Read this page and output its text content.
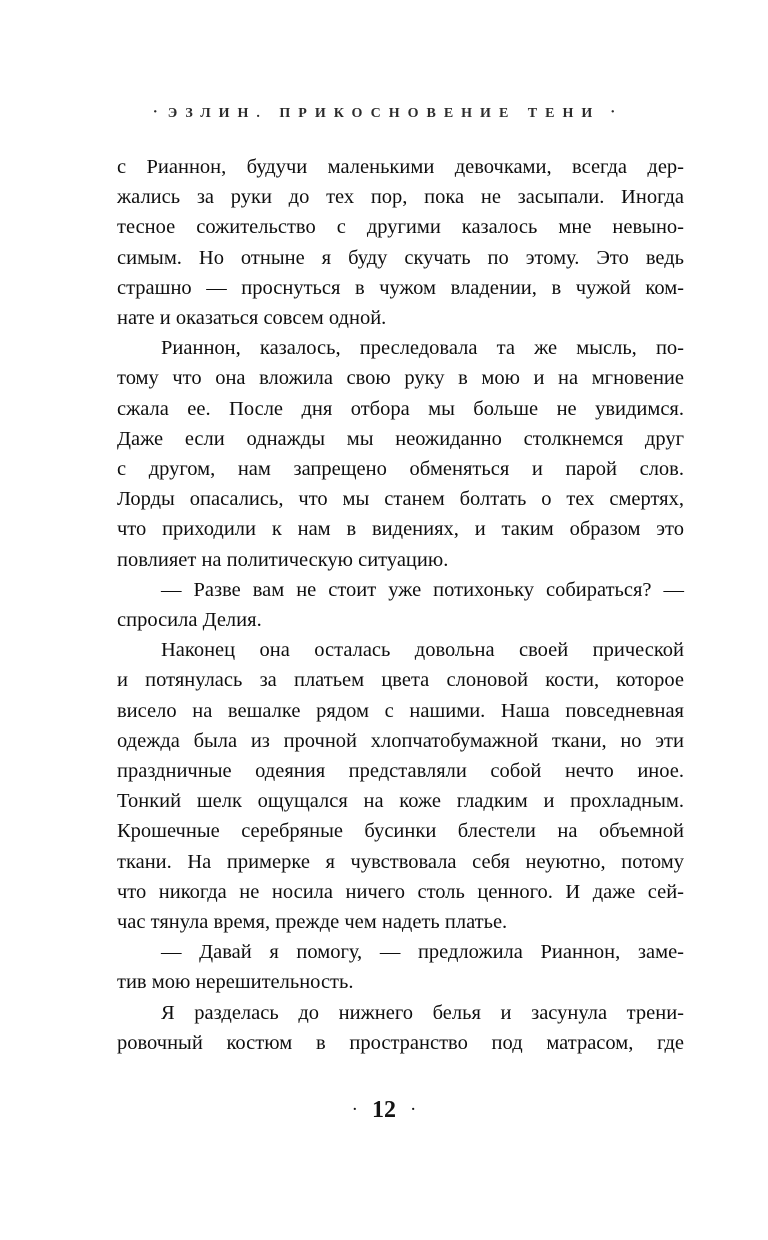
· ЭЗЛИН. ПРИКОСНОВЕНИЕ ТЕНИ ·
с Рианнон, будучи маленькими девочками, всегда дер-
жались за руки до тех пор, пока не засыпали. Иногда
тесное сожительство с другими казалось мне невыно-
симым. Но отныне я буду скучать по этому. Это ведь
страшно — проснуться в чужом владении, в чужой ком-
нате и оказаться совсем одной.
Рианнон, казалось, преследовала та же мысль, по-
тому что она вложила свою руку в мою и на мгновение
сжала ее. После дня отбора мы больше не увидимся.
Даже если однажды мы неожиданно столкнемся друг
с другом, нам запрещено обменяться и парой слов.
Лорды опасались, что мы станем болтать о тех смертях,
что приходили к нам в видениях, и таким образом это
повлияет на политическую ситуацию.
— Разве вам не стоит уже потихоньку собираться? —
спросила Делия.
Наконец она осталась довольна своей прической
и потянулась за платьем цвета слоновой кости, которое
висело на вешалке рядом с нашими. Наша повседневная
одежда была из прочной хлопчатобумажной ткани, но эти
праздничные одеяния представляли собой нечто иное.
Тонкий шелк ощущался на коже гладким и прохладным.
Крошечные серебряные бусинки блестели на объемной
ткани. На примерке я чувствовала себя неуютно, потому
что никогда не носила ничего столь ценного. И даже сей-
час тянула время, прежде чем надеть платье.
— Давай я помогу, — предложила Рианнон, заме-
тив мою нерешительность.
Я разделась до нижнего белья и засунула трени-
ровочный костюм в пространство под матрасом, где
· 12 ·
